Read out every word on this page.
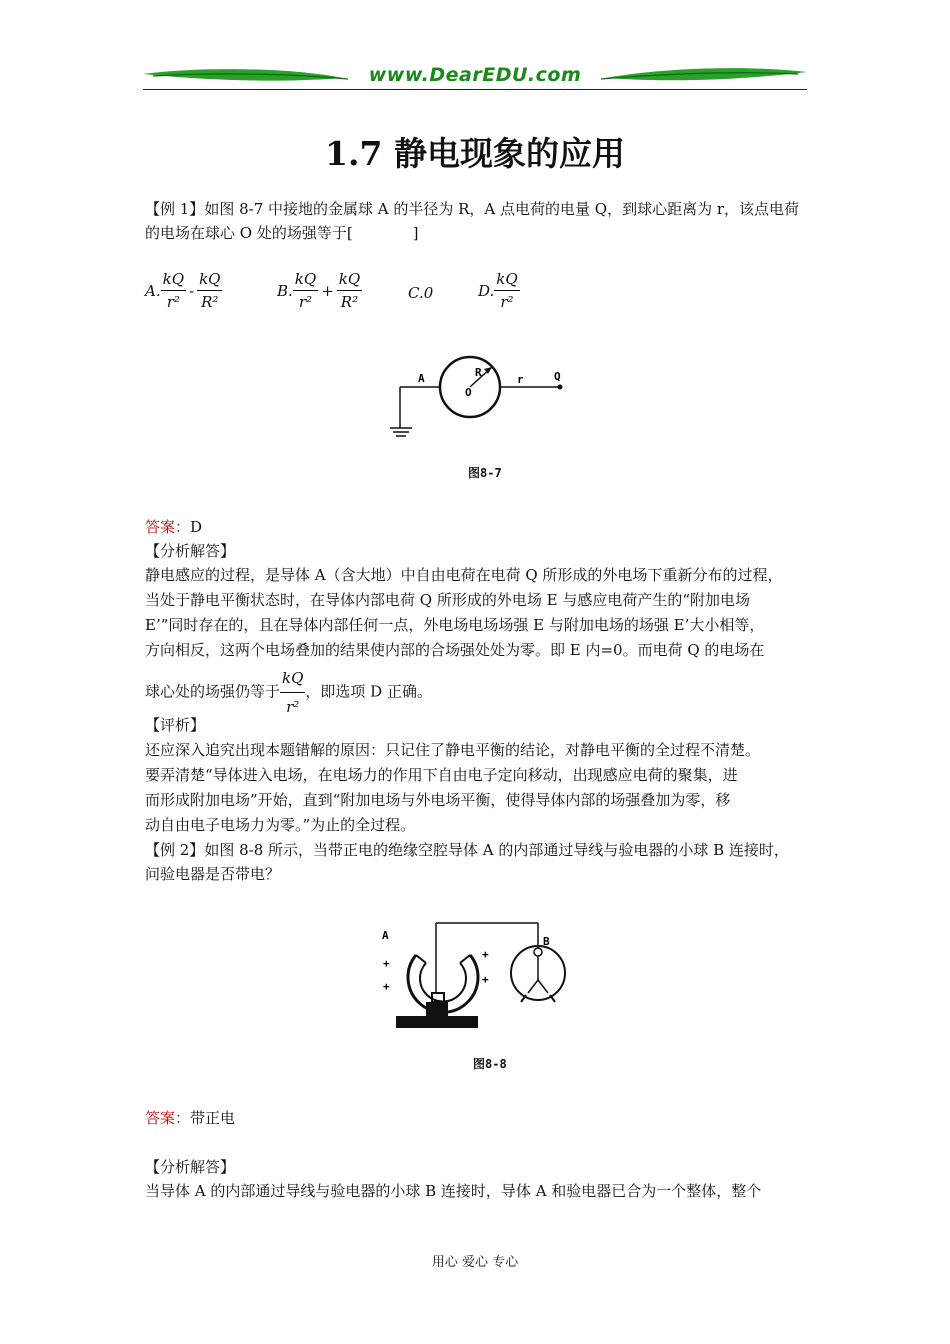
www.DearEDU.com
1.7 静电现象的应用

【例 1】如图 8-7 中接地的金属球 A 的半径为 R，A 点电荷的电量 Q，到球心距离为 r，该点电荷

的电场在球心 O 处的场强等于[　　　　]

A. $\frac{kQ}{\text{r²}} - \frac{kQ}{\text{R²}}$	B. $\frac{kQ}{\text{r²}} + \frac{kQ}{\text{R²}}$	C.0	D. $\frac{kQ}{\text{r²}}$
A	R
r	Q
O
图8-7
答案：D
【分析解答】

静电感应的过程，是导体 A（含大地）中自由电荷在电荷 Q 所形成的外电场下重新分布的过程，

当处于静电平衡状态时，在导体内部电荷 Q 所形成的外电场 E 与感应电荷产生的“附加电场

E’”同时存在的，且在导体内部任何一点，外电场电场场强 E 与附加电场的场强 E’大小相等，

方向相反，这两个电场叠加的结果使内部的合场强处处为零。即 E 内=0。而电荷 Q 的电场在

球心处的场强仍等于 $\frac{kQ}{\text{r²}}$ ，即选项 D 正确。

【评析】

还应深入追究出现本题错解的原因：只记住了静电平衡的结论，对静电平衡的全过程不清楚。

要弄清楚“导体进入电场，在电场力的作用下自由电子定向移动，出现感应电荷的聚集，进

而形成附加电场”开始，直到“附加电场与外电场平衡，使得导体内部的场强叠加为零，移

动自由电子电场力为零。”为止的全过程。

【例 2】如图 8-8 所示，当带正电的绝缘空腔导体 A 的内部通过导线与验电器的小球 B 连接时，

问验电器是否带电？

A	B
+
+
+
+
图8-8
答案：带正电
【分析解答】

当导体 A 的内部通过导线与验电器的小球 B 连接时，导体 A 和验电器已合为一个整体，整个

用心 爱心 专心
